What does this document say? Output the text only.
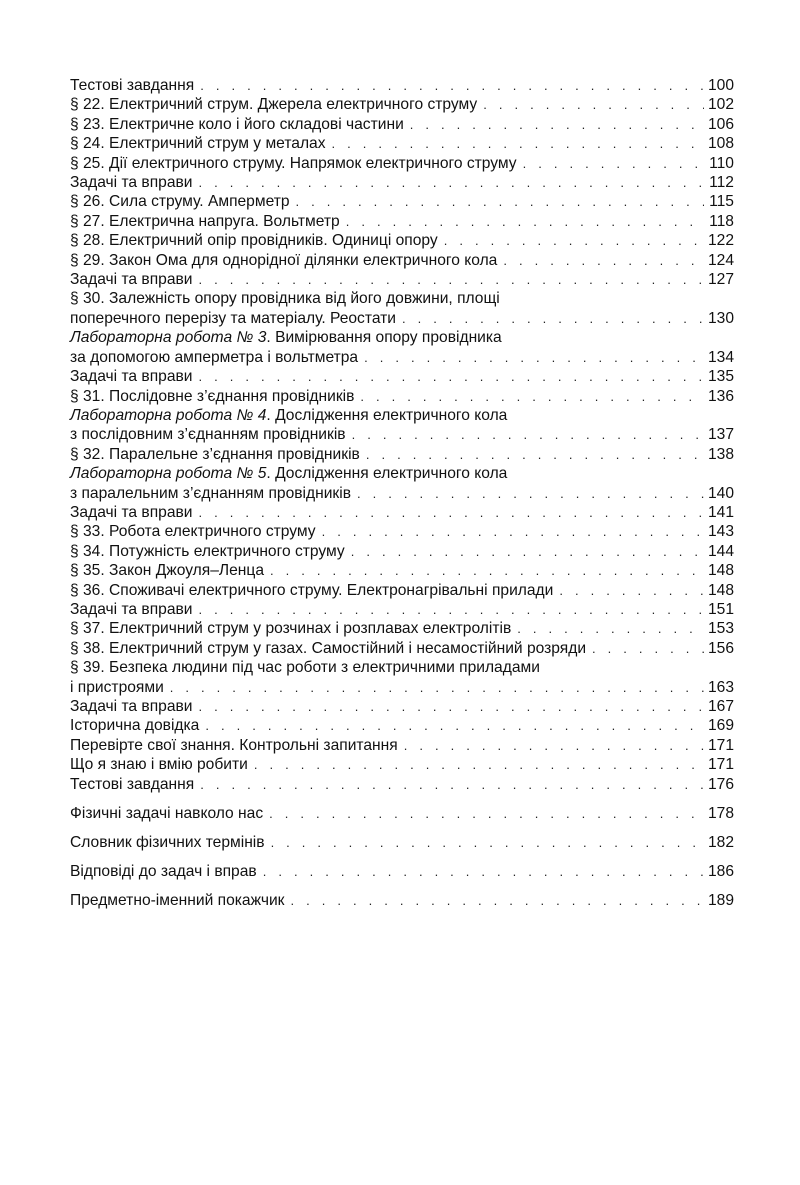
Тестові завдання . . .	100
§ 22. Електричний струм. Джерела електричного струму . . .	102
§ 23. Електричне коло і його складові частини . . .	106
§ 24. Електричний струм у металах . . .	108
§ 25. Дії електричного струму. Напрямок електричного струму . . .	110
Задачі та вправи . . .	112
§ 26. Сила струму. Амперметр . . .	115
§ 27. Електрична напруга. Вольтметр . . .	118
§ 28. Електричний опір провідників. Одиниці опору . . .	122
§ 29. Закон Ома для однорідної ділянки електричного кола . . .	124
Задачі та вправи . . .	127
§ 30. Залежність опору провідника від його довжини, площі
поперечного перерізу та матеріалу. Реостати . . .	130
Лабораторна робота № 3. Вимірювання опору провідника
за допомогою амперметра і вольтметра . . .	134
Задачі та вправи . . .	135
§ 31. Послідовне з’єднання провідників . . .	136
Лабораторна робота № 4. Дослідження електричного кола
з послідовним з’єднанням провідників . . .	137
§ 32. Паралельне з’єднання провідників . . .	138
Лабораторна робота № 5. Дослідження електричного кола
з паралельним з’єднанням провідників . . .	140
Задачі та вправи . . .	141
§ 33. Робота електричного струму . . .	143
§ 34. Потужність електричного струму . . .	144
§ 35. Закон Джоуля–Ленца . . .	148
§ 36. Споживачі електричного струму. Електронагрівальні прилади . . .	148
Задачі та вправи . . .	151
§ 37. Електричний струм у розчинах і розплавах електролітів . . .	153
§ 38. Електричний струм у газах. Самостійний і несамостійний розряди . . .	156
§ 39. Безпека людини під час роботи з електричними приладами
і пристроями . . .	163
Задачі та вправи . . .	167
Історична довідка . . .	169
Перевірте свої знання. Контрольні запитання . . .	171
Що я знаю і вмію робити . . .	171
Тестові завдання . . .	176
Фізичні задачі навколо нас . . .	178
Словник фізичних термінів . . .	182
Відповіді до задач і вправ . . .	186
Предметно-іменний покажчик . . .	189
